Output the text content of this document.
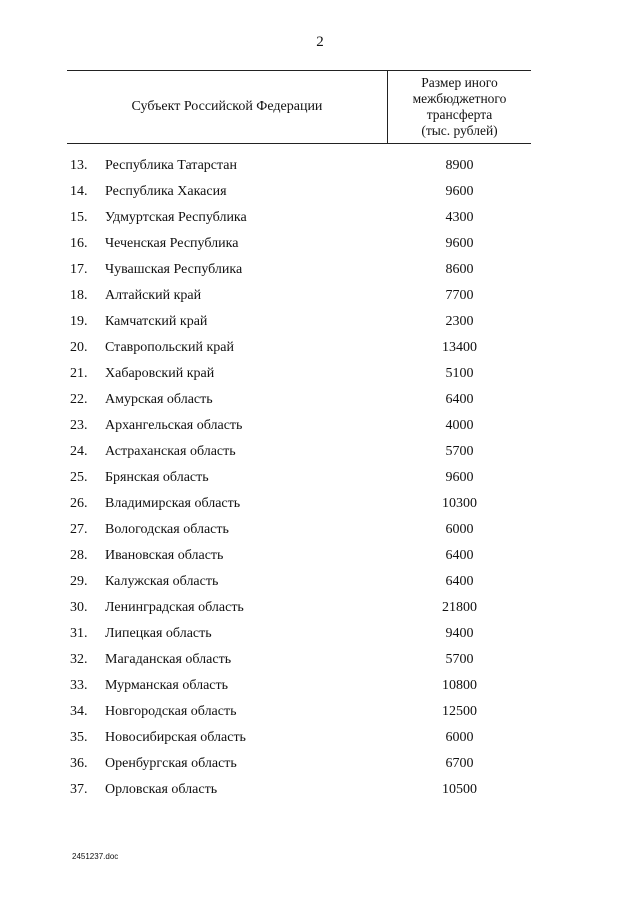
2
Субъект Российской Федерации
Размер иного
межбюджетного
трансферта
(тыс. рублей)
13.	Республика Татарстан	8900
14.	Республика Хакасия	9600
15.	Удмуртская Республика	4300
16.	Чеченская Республика	9600
17.	Чувашская Республика	8600
18.	Алтайский край	7700
19.	Камчатский край	2300
20.	Ставропольский край	13400
21.	Хабаровский край	5100
22.	Амурская область	6400
23.	Архангельская область	4000
24.	Астраханская область	5700
25.	Брянская область	9600
26.	Владимирская область	10300
27.	Вологодская область	6000
28.	Ивановская область	6400
29.	Калужская область	6400
30.	Ленинградская область	21800
31.	Липецкая область	9400
32.	Магаданская область	5700
33.	Мурманская область	10800
34.	Новгородская область	12500
35.	Новосибирская область	6000
36.	Оренбургская область	6700
37.	Орловская область	10500
2451237.doc
